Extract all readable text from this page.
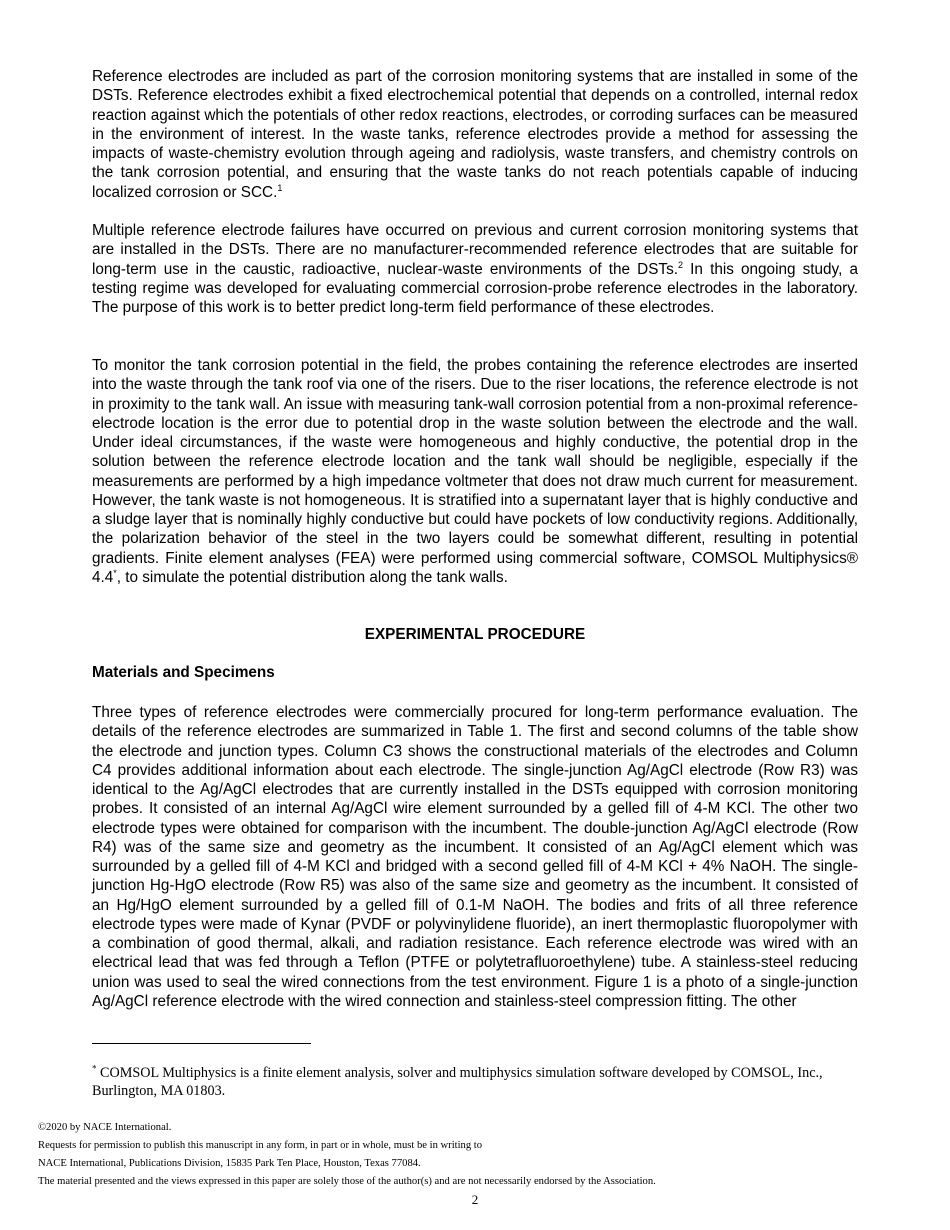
Reference electrodes are included as part of the corrosion monitoring systems that are installed in some of the DSTs. Reference electrodes exhibit a fixed electrochemical potential that depends on a controlled, internal redox reaction against which the potentials of other redox reactions, electrodes, or corroding surfaces can be measured in the environment of interest. In the waste tanks, reference electrodes provide a method for assessing the impacts of waste-chemistry evolution through ageing and radiolysis, waste transfers, and chemistry controls on the tank corrosion potential, and ensuring that the waste tanks do not reach potentials capable of inducing localized corrosion or SCC.$^1$

Multiple reference electrode failures have occurred on previous and current corrosion monitoring systems that are installed in the DSTs. There are no manufacturer-recommended reference electrodes that are suitable for long-term use in the caustic, radioactive, nuclear-waste environments of the DSTs.$^2$ In this ongoing study, a testing regime was developed for evaluating commercial corrosion-probe reference electrodes in the laboratory. The purpose of this work is to better predict long-term field performance of these electrodes.

To monitor the tank corrosion potential in the field, the probes containing the reference electrodes are inserted into the waste through the tank roof via one of the risers. Due to the riser locations, the reference electrode is not in proximity to the tank wall. An issue with measuring tank-wall corrosion potential from a non-proximal reference-electrode location is the error due to potential drop in the waste solution between the electrode and the wall. Under ideal circumstances, if the waste were homogeneous and highly conductive, the potential drop in the solution between the reference electrode location and the tank wall should be negligible, especially if the measurements are performed by a high impedance voltmeter that does not draw much current for measurement. However, the tank waste is not homogeneous. It is stratified into a supernatant layer that is highly conductive and a sludge layer that is nominally highly conductive but could have pockets of low conductivity regions. Additionally, the polarization behavior of the steel in the two layers could be somewhat different, resulting in potential gradients. Finite element analyses (FEA) were performed using commercial software, COMSOL Multiphysics® 4.4*, to simulate the potential distribution along the tank walls.

EXPERIMENTAL PROCEDURE

Materials and Specimens

Three types of reference electrodes were commercially procured for long-term performance evaluation. The details of the reference electrodes are summarized in Table 1. The first and second columns of the table show the electrode and junction types. Column C3 shows the constructional materials of the electrodes and Column C4 provides additional information about each electrode. The single-junction Ag/AgCl electrode (Row R3) was identical to the Ag/AgCl electrodes that are currently installed in the DSTs equipped with corrosion monitoring probes. It consisted of an internal Ag/AgCl wire element surrounded by a gelled fill of 4-M KCl. The other two electrode types were obtained for comparison with the incumbent. The double-junction Ag/AgCl electrode (Row R4) was of the same size and geometry as the incumbent. It consisted of an Ag/AgCl element which was surrounded by a gelled fill of 4-M KCl and bridged with a second gelled fill of 4-M KCl + 4% NaOH. The single-junction Hg-HgO electrode (Row R5) was also of the same size and geometry as the incumbent. It consisted of an Hg/HgO element surrounded by a gelled fill of 0.1-M NaOH. The bodies and frits of all three reference electrode types were made of Kynar (PVDF or polyvinylidene fluoride), an inert thermoplastic fluoropolymer with a combination of good thermal, alkali, and radiation resistance. Each reference electrode was wired with an electrical lead that was fed through a Teflon (PTFE or polytetrafluoroethylene) tube. A stainless-steel reducing union was used to seal the wired connections from the test environment. Figure 1 is a photo of a single-junction Ag/AgCl reference electrode with the wired connection and stainless-steel compression fitting. The other

* COMSOL Multiphysics is a finite element analysis, solver and multiphysics simulation software developed by COMSOL, Inc., Burlington, MA 01803.

©2020 by NACE International.

Requests for permission to publish this manuscript in any form, in part or in whole, must be in writing to

NACE International, Publications Division, 15835 Park Ten Place, Houston, Texas 77084.

The material presented and the views expressed in this paper are solely those of the author(s) and are not necessarily endorsed by the Association.

2
